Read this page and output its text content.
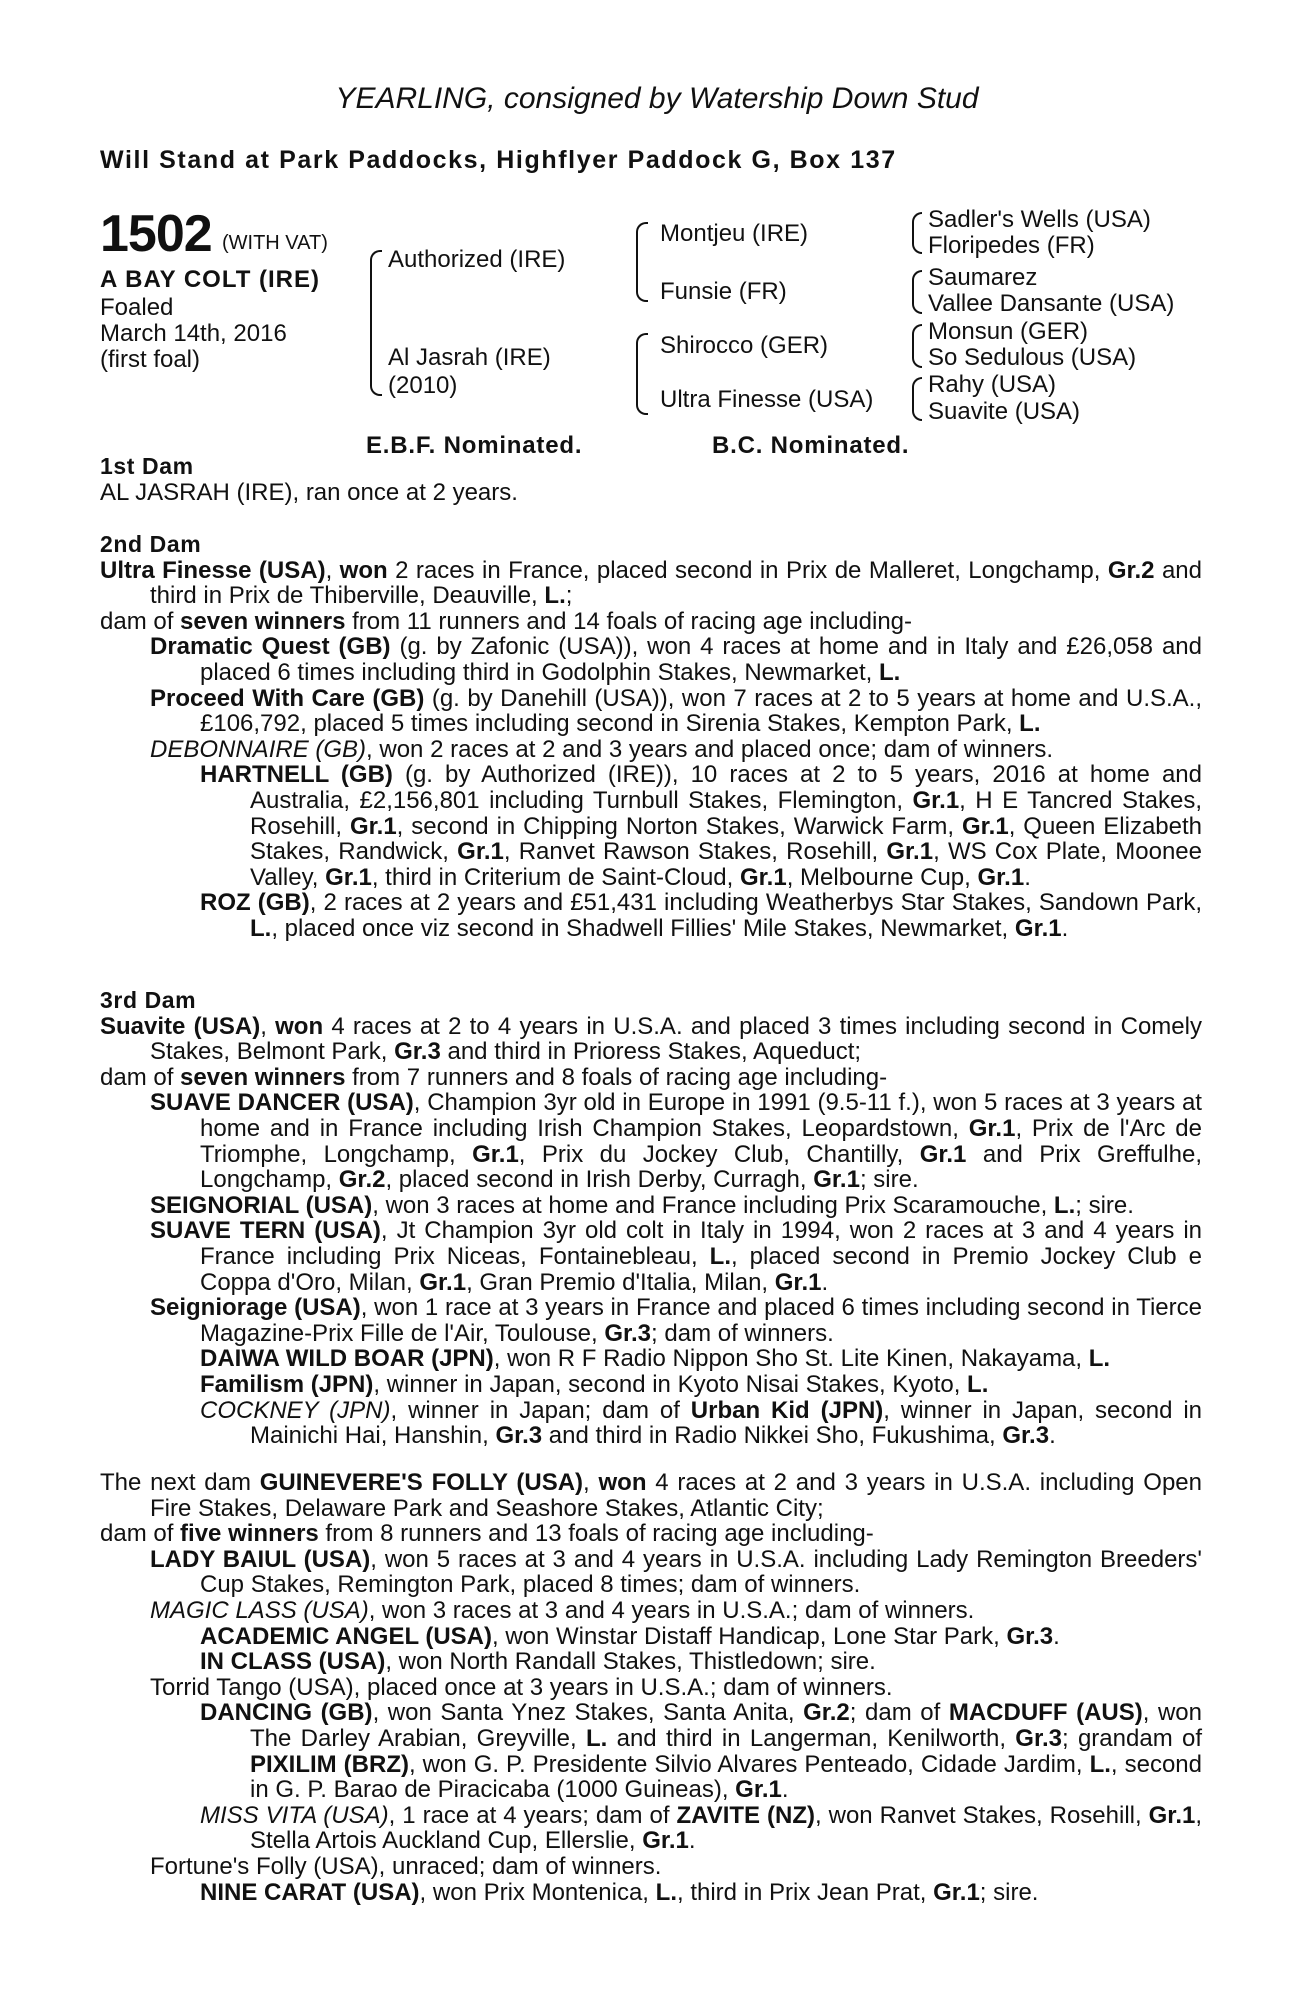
YEARLING, consigned by Watership Down Stud
Will Stand at Park Paddocks, Highflyer Paddock G, Box 137
1502 (WITH VAT)
A BAY COLT (IRE)
Foaled
March 14th, 2016
(first foal)
Authorized (IRE)
Al Jasrah (IRE)
(2010)
Montjeu (IRE)
Funsie (FR)
Shirocco (GER)
Ultra Finesse (USA)
Sadler's Wells (USA)
Floripedes (FR)
Saumarez
Vallee Dansante (USA)
Monsun (GER)
So Sedulous (USA)
Rahy (USA)
Suavite (USA)
E.B.F. Nominated.	B.C. Nominated.

1st Dam

AL JASRAH (IRE), ran once at 2 years.

2nd Dam

Ultra Finesse (USA), won 2 races in France, placed second in Prix de Malleret, Longchamp, Gr.2 and third in Prix de Thiberville, Deauville, L.;

dam of seven winners from 11 runners and 14 foals of racing age including-

Dramatic Quest (GB) (g. by Zafonic (USA)), won 4 races at home and in Italy and £26,058 and placed 6 times including third in Godolphin Stakes, Newmarket, L.

Proceed With Care (GB) (g. by Danehill (USA)), won 7 races at 2 to 5 years at home and U.S.A., £106,792, placed 5 times including second in Sirenia Stakes, Kempton Park, L.

DEBONNAIRE (GB), won 2 races at 2 and 3 years and placed once; dam of winners.

HARTNELL (GB) (g. by Authorized (IRE)), 10 races at 2 to 5 years, 2016 at home and Australia, £2,156,801 including Turnbull Stakes, Flemington, Gr.1, H E Tancred Stakes, Rosehill, Gr.1, second in Chipping Norton Stakes, Warwick Farm, Gr.1, Queen Elizabeth Stakes, Randwick, Gr.1, Ranvet Rawson Stakes, Rosehill, Gr.1, WS Cox Plate, Moonee Valley, Gr.1, third in Criterium de Saint-Cloud, Gr.1, Melbourne Cup, Gr.1.

ROZ (GB), 2 races at 2 years and £51,431 including Weatherbys Star Stakes, Sandown Park, L., placed once viz second in Shadwell Fillies' Mile Stakes, Newmarket, Gr.1.

3rd Dam

Suavite (USA), won 4 races at 2 to 4 years in U.S.A. and placed 3 times including second in Comely Stakes, Belmont Park, Gr.3 and third in Prioress Stakes, Aqueduct;

dam of seven winners from 7 runners and 8 foals of racing age including-

SUAVE DANCER (USA), Champion 3yr old in Europe in 1991 (9.5-11 f.), won 5 races at 3 years at home and in France including Irish Champion Stakes, Leopardstown, Gr.1, Prix de l'Arc de Triomphe, Longchamp, Gr.1, Prix du Jockey Club, Chantilly, Gr.1 and Prix Greffulhe, Longchamp, Gr.2, placed second in Irish Derby, Curragh, Gr.1; sire.

SEIGNORIAL (USA), won 3 races at home and France including Prix Scaramouche, L.; sire.

SUAVE TERN (USA), Jt Champion 3yr old colt in Italy in 1994, won 2 races at 3 and 4 years in France including Prix Niceas, Fontainebleau, L., placed second in Premio Jockey Club e Coppa d'Oro, Milan, Gr.1, Gran Premio d'Italia, Milan, Gr.1.

Seigniorage (USA), won 1 race at 3 years in France and placed 6 times including second in Tierce Magazine-Prix Fille de l'Air, Toulouse, Gr.3; dam of winners.

DAIWA WILD BOAR (JPN), won R F Radio Nippon Sho St. Lite Kinen, Nakayama, L.

Familism (JPN), winner in Japan, second in Kyoto Nisai Stakes, Kyoto, L.

COCKNEY (JPN), winner in Japan; dam of Urban Kid (JPN), winner in Japan, second in Mainichi Hai, Hanshin, Gr.3 and third in Radio Nikkei Sho, Fukushima, Gr.3.

The next dam GUINEVERE'S FOLLY (USA), won 4 races at 2 and 3 years in U.S.A. including Open Fire Stakes, Delaware Park and Seashore Stakes, Atlantic City;

dam of five winners from 8 runners and 13 foals of racing age including-

LADY BAIUL (USA), won 5 races at 3 and 4 years in U.S.A. including Lady Remington Breeders' Cup Stakes, Remington Park, placed 8 times; dam of winners.

MAGIC LASS (USA), won 3 races at 3 and 4 years in U.S.A.; dam of winners.

ACADEMIC ANGEL (USA), won Winstar Distaff Handicap, Lone Star Park, Gr.3.

IN CLASS (USA), won North Randall Stakes, Thistledown; sire.

Torrid Tango (USA), placed once at 3 years in U.S.A.; dam of winners.

DANCING (GB), won Santa Ynez Stakes, Santa Anita, Gr.2; dam of MACDUFF (AUS), won The Darley Arabian, Greyville, L. and third in Langerman, Kenilworth, Gr.3; grandam of PIXILIM (BRZ), won G. P. Presidente Silvio Alvares Penteado, Cidade Jardim, L., second in G. P. Barao de Piracicaba (1000 Guineas), Gr.1.

MISS VITA (USA), 1 race at 4 years; dam of ZAVITE (NZ), won Ranvet Stakes, Rosehill, Gr.1, Stella Artois Auckland Cup, Ellerslie, Gr.1.

Fortune's Folly (USA), unraced; dam of winners.

NINE CARAT (USA), won Prix Montenica, L., third in Prix Jean Prat, Gr.1; sire.
